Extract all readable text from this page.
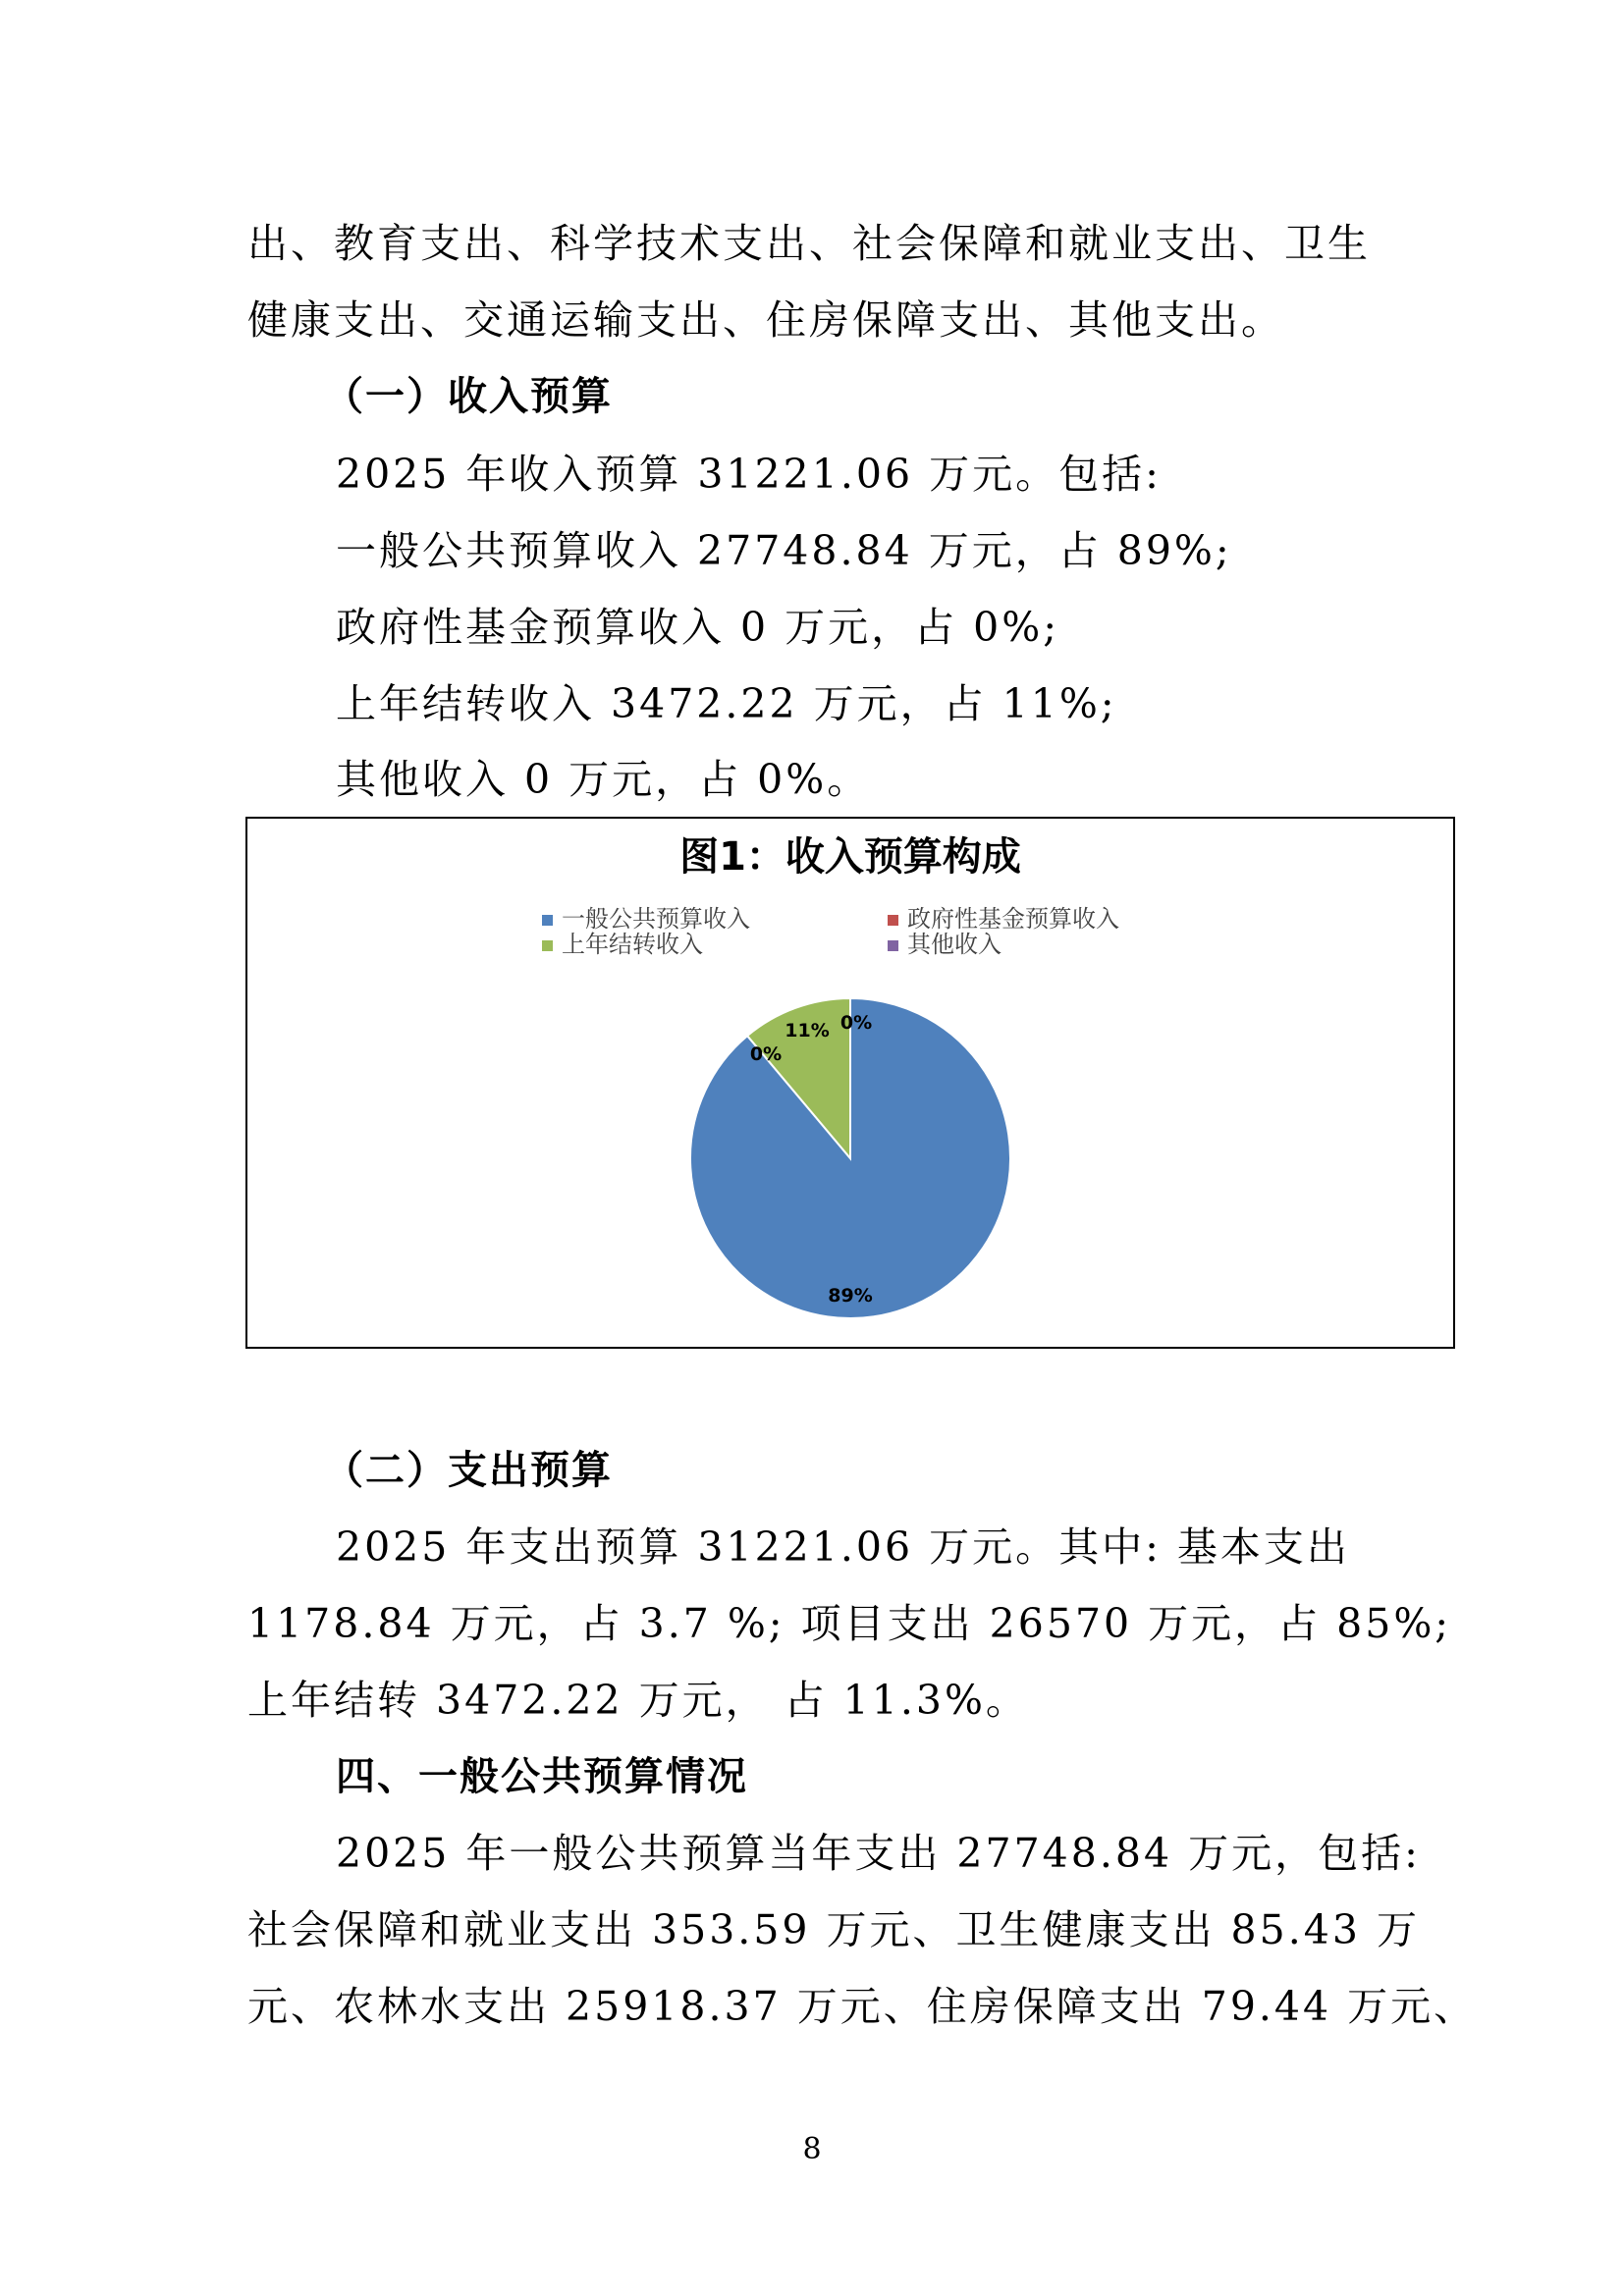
出、教育支出、科学技术支出、社会保障和就业支出、卫生
健康支出、交通运输支出、住房保障支出、其他支出。
（一）收入预算
2025 年收入预算 31221.06 万元。包括:
一般公共预算收入 27748.84 万元，占 89%;
政府性基金预算收入 0 万元，占 0%;
上年结转收入 3472.22 万元，占 11%;
其他收入 0 万元，占 0%。
图1：收入预算构成
一般公共预算收入	政府性基金预算收入
上年结转收入	其他收入
89%
0%
11% 0%
（二）支出预算
2025 年支出预算 31221.06 万元。其中: 基本支出
1178.84 万元，占 3.7 %; 项目支出 26570 万元，占 85%;
上年结转 3472.22 万元， 占 11.3%。
四、一般公共预算情况
2025 年一般公共预算当年支出 27748.84 万元，包括:
社会保障和就业支出 353.59 万元、卫生健康支出 85.43 万
元、农林水支出 25918.37 万元、住房保障支出 79.44 万元、
8
